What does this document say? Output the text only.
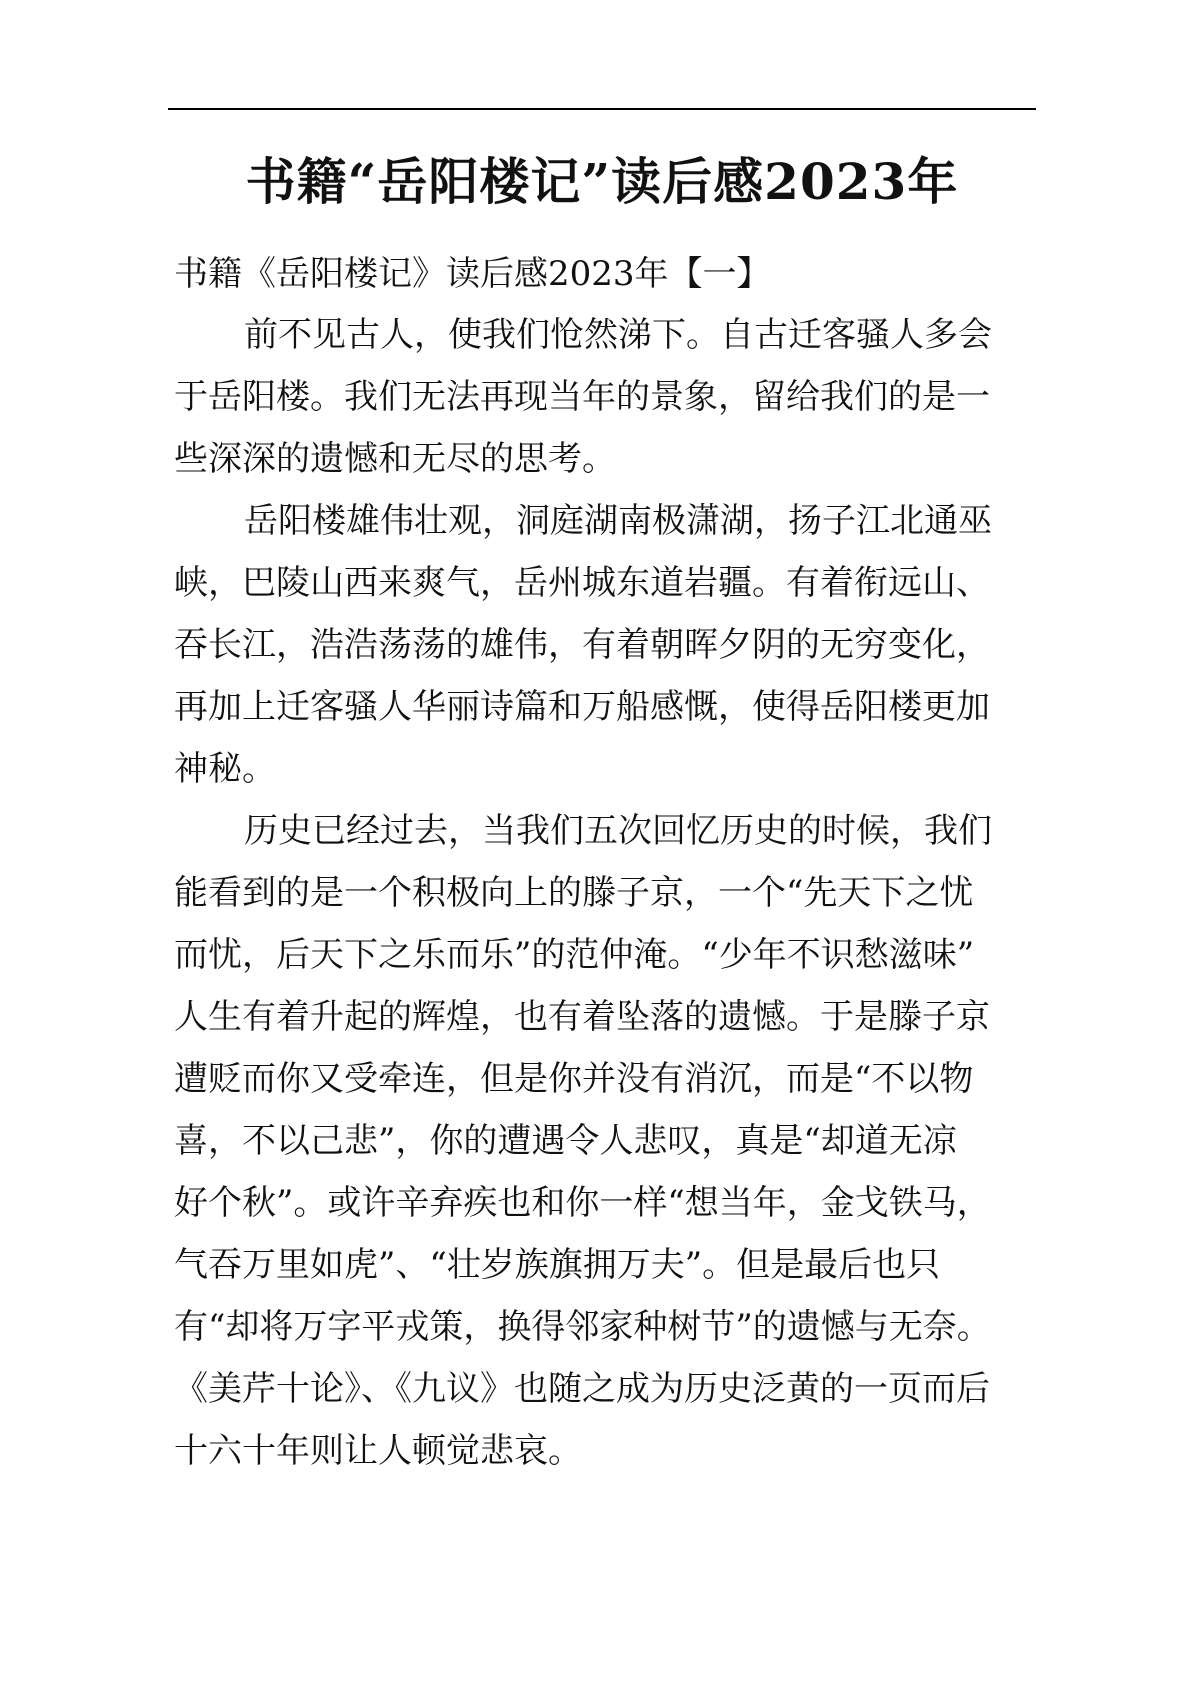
书籍“岳阳楼记”读后感2023年
书籍《岳阳楼记》读后感2023年【一】

前不见古人，使我们怆然涕下。自古迁客骚人多会
于岳阳楼。我们无法再现当年的景象，留给我们的是一
些深深的遗憾和无尽的思考。

岳阳楼雄伟壮观，洞庭湖南极潇湖，扬子江北通巫
峡，巴陵山西来爽气，岳州城东道岩疆。有着衔远山、
吞长江，浩浩荡荡的雄伟，有着朝晖夕阴的无穷变化，
再加上迁客骚人华丽诗篇和万船感慨，使得岳阳楼更加
神秘。

历史已经过去，当我们五次回忆历史的时候，我们
能看到的是一个积极向上的滕子京，一个“先天下之忧
而忧，后天下之乐而乐”的范仲淹。“少年不识愁滋味”
人生有着升起的辉煌，也有着坠落的遗憾。于是滕子京
遭贬而你又受牵连，但是你并没有消沉，而是“不以物
喜，不以己悲”，你的遭遇令人悲叹，真是“却道无凉
好个秋”。或许辛弃疾也和你一样“想当年，金戈铁马，
气吞万里如虎”、“壮岁族旗拥万夫”。但是最后也只
有“却将万字平戎策，换得邻家种树节”的遗憾与无奈。
《美芹十论》、《九议》也随之成为历史泛黄的一页而后
十六十年则让人顿觉悲哀。
